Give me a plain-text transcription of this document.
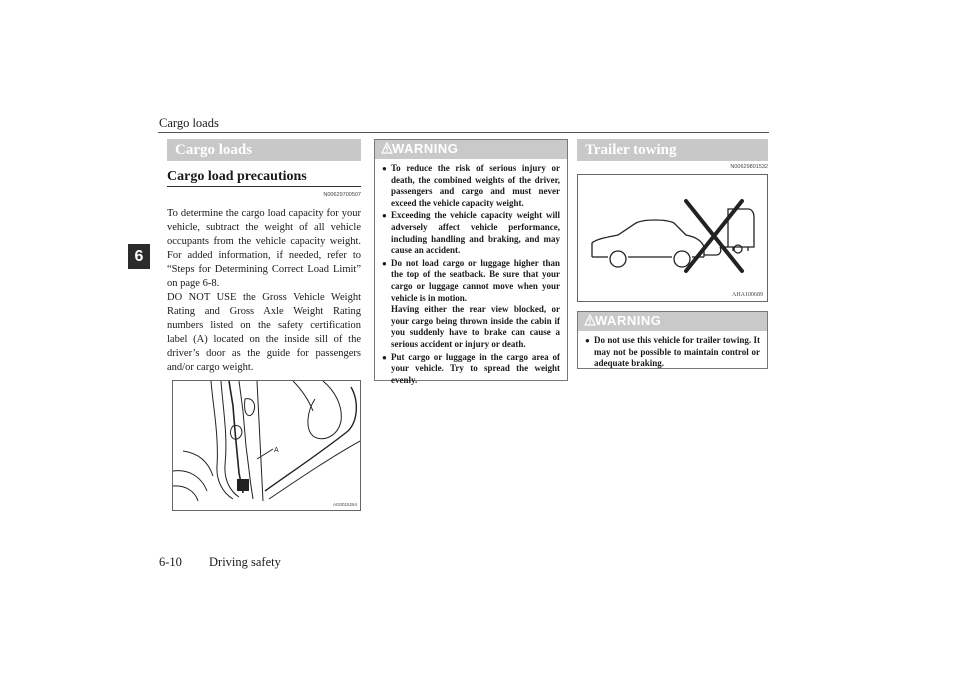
Cargo loads
6
Cargo loads
Cargo load precautions
N00629700507

To determine the cargo load capacity for your vehicle, subtract the weight of all vehicle occupants from the vehicle capacity weight. For added information, if needed, refer to “Steps for Determining Correct Load Limit” on page 6-8.

DO NOT USE the Gross Vehicle Weight Rating and Gross Axle Weight Rating numbers listed on the safety certification label (A) located on the inside sill of the driver’s door as the guide for passengers and/or cargo weight.

A
AG0015264
WARNING
● To reduce the risk of serious injury or death, the combined weights of the driver, passengers and cargo and must never exceed the vehicle capacity weight.

● Exceeding the vehicle capacity weight will adversely affect vehicle performance, including handling and braking, and may cause an accident.

● Do not load cargo or luggage higher than the top of the seatback. Be sure that your cargo or luggage cannot move when your vehicle is in motion.

Having either the rear view blocked, or your cargo being thrown inside the cabin if you suddenly have to brake can cause a serious accident or injury or death.

● Put cargo or luggage in the cargo area of your vehicle. Try to spread the weight evenly.

Trailer towing
N00629801532
AHA100689
WARNING
● Do not use this vehicle for trailer towing. It may not be possible to maintain control or adequate braking.

6-10 Driving safety
